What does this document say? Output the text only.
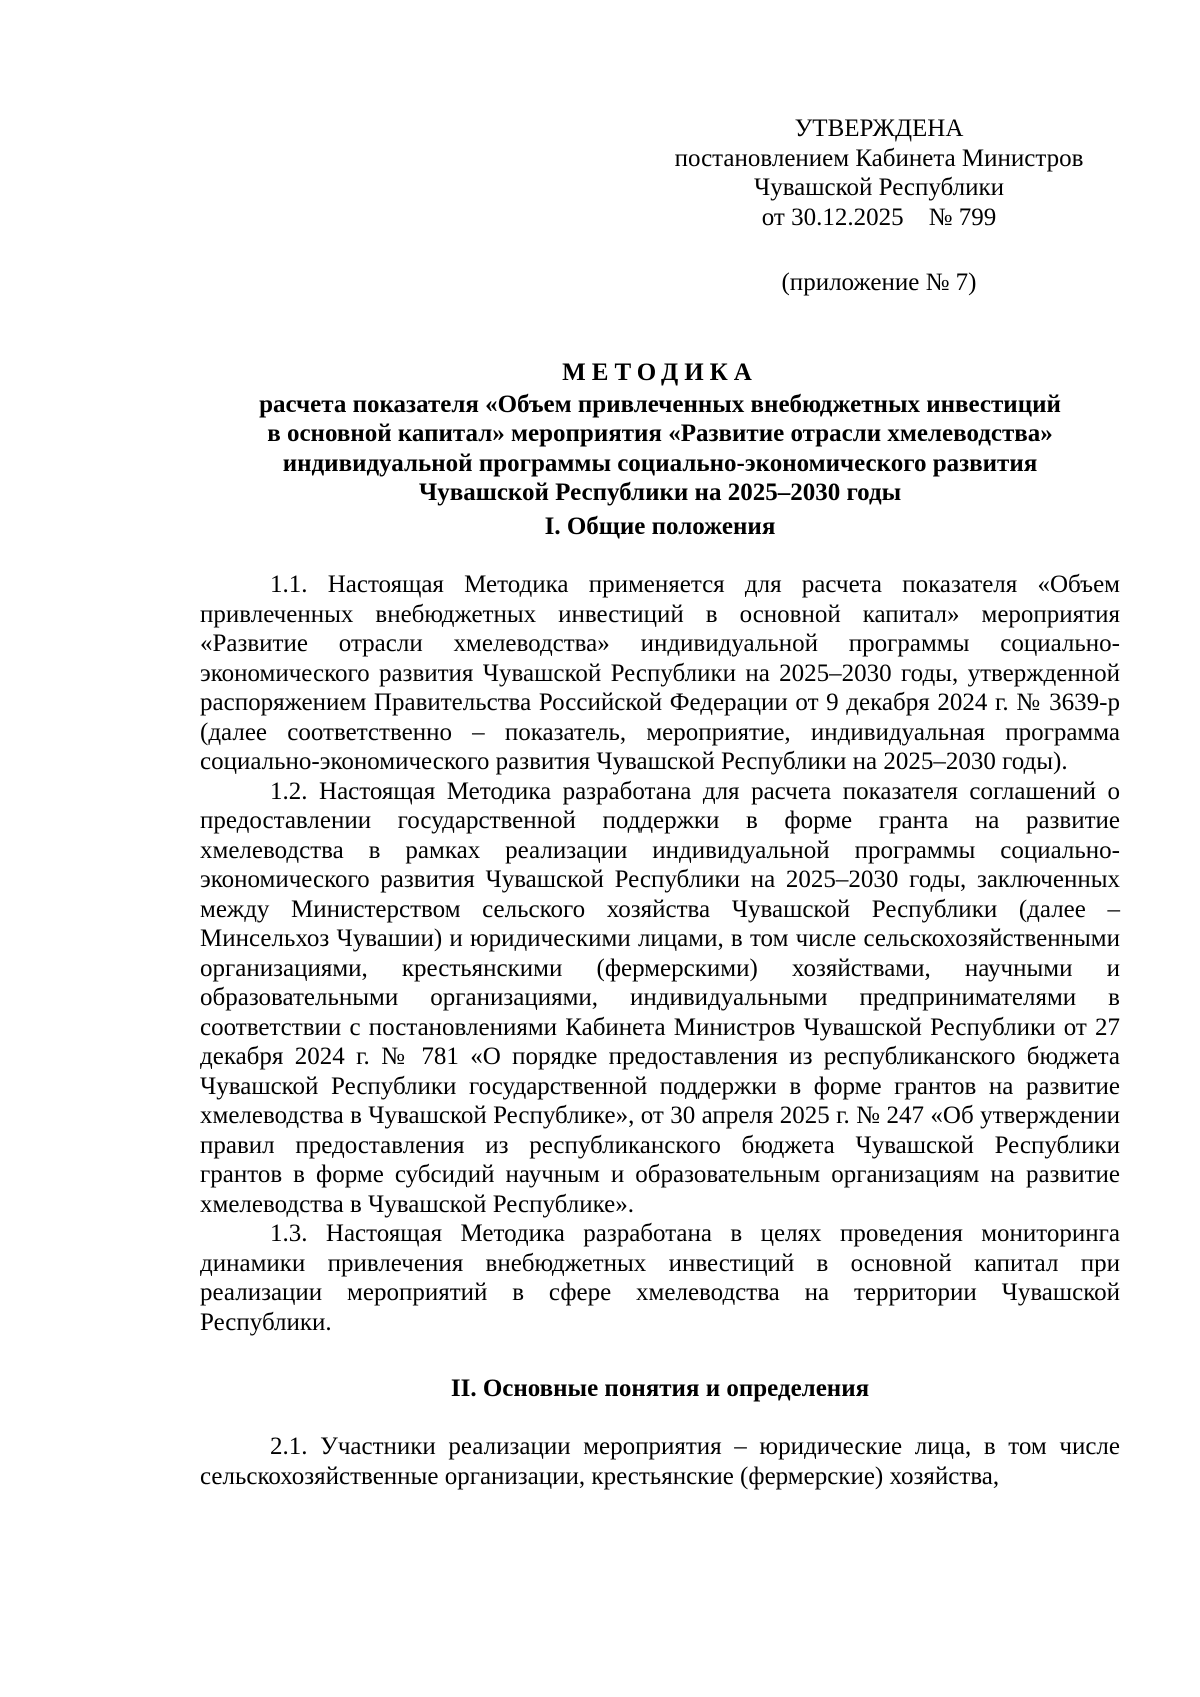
УТВЕРЖДЕНА
постановлением Кабинета Министров
Чувашской Республики
от 30.12.2025    № 799
(приложение № 7)
МЕТОДИКА
расчета показателя «Объем привлеченных внебюджетных инвестиций
в основной капитал» мероприятия «Развитие отрасли хмелеводства»
индивидуальной программы социально-экономического развития
Чувашской Республики на 2025–2030 годы
I. Общие положения

1.1. Настоящая Методика применяется для расчета показателя «Объем привлеченных внебюджетных инвестиций в основной капитал» мероприятия «Развитие отрасли хмелеводства» индивидуальной программы социально-экономического развития Чувашской Республики на 2025–2030 годы, утвержденной распоряжением Правительства Российской Федерации от 9 декабря 2024 г. № 3639-р (далее соответственно – показатель, мероприятие, индивидуальная программа социально-экономического развития Чувашской Республики на 2025–2030 годы).

1.2. Настоящая Методика разработана для расчета показателя соглашений о предоставлении государственной поддержки в форме гранта на развитие хмелеводства в рамках реализации индивидуальной программы социально-экономического развития Чувашской Республики на 2025–2030 годы, заключенных между Министерством сельского хозяйства Чувашской Республики (далее – Минсельхоз Чувашии) и юридическими лицами, в том числе сельскохозяйственными организациями, крестьянскими (фермерскими) хозяйствами, научными и образовательными организациями, индивидуальными предпринимателями в соответствии с постановлениями Кабинета Министров Чувашской Республики от 27 декабря 2024 г. № 781 «О порядке предоставления из республиканского бюджета Чувашской Республики государственной поддержки в форме грантов на развитие хмелеводства в Чувашской Республике», от 30 апреля 2025 г. № 247 «Об утверждении правил предоставления из республиканского бюджета Чувашской Республики грантов в форме субсидий научным и образовательным организациям на развитие хмелеводства в Чувашской Республике».

1.3. Настоящая Методика разработана в целях проведения мониторинга динамики привлечения внебюджетных инвестиций в основной капитал при реализации мероприятий в сфере хмелеводства на территории Чувашской Республики.

II. Основные понятия и определения

2.1. Участники реализации мероприятия – юридические лица, в том числе сельскохозяйственные организации, крестьянские (фермерские) хозяйства,
